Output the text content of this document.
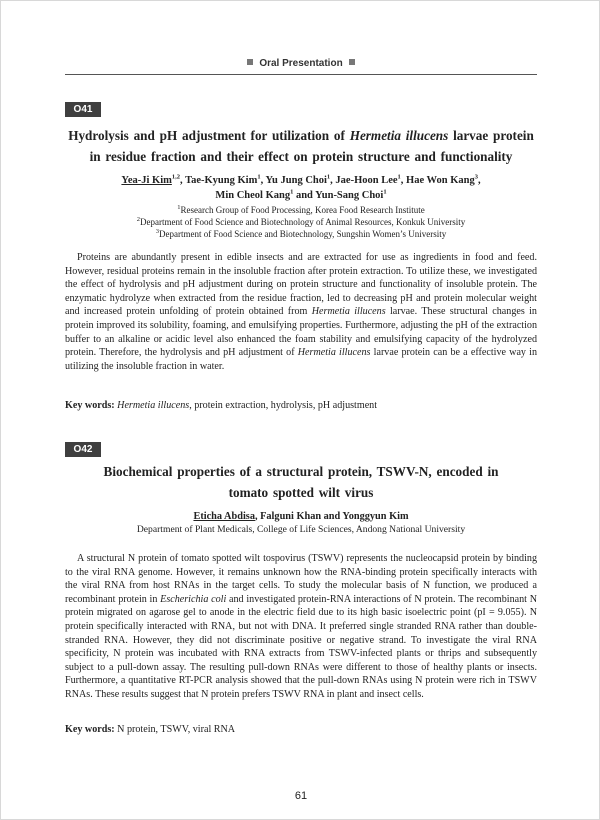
Oral Presentation
O41
Hydrolysis and pH adjustment for utilization of Hermetia illucens larvae protein in residue fraction and their effect on protein structure and functionality
Yea-Ji Kim$^{1,2}$, Tae-Kyung Kim$^1$, Yu Jung Choi$^1$, Jae-Hoon Lee$^1$, Hae Won Kang$^3$,
Min Cheol Kang$^1$ and Yun-Sang Choi$^1$
$^1$Research Group of Food Processing, Korea Food Research Institute
$^2$Department of Food Science and Biotechnology of Animal Resources, Konkuk University
$^3$Department of Food Science and Biotechnology, Sungshin Women’s University

Proteins are abundantly present in edible insects and are extracted for use as ingredients in food and feed. However, residual proteins remain in the insoluble fraction after protein extraction. To utilize these, we investigated the effect of hydrolysis and pH adjustment during on protein structure and functionality of insoluble protein. The enzymatic hydrolyze when extracted from the residue fraction, led to decreasing pH and protein molecular weight and increased protein unfolding of protein obtained from Hermetia illucens larvae. These structural changes in protein improved its solubility, foaming, and emulsifying properties. Furthermore, adjusting the pH of the extraction buffer to an alkaline or acidic level also enhanced the foam stability and emulsifying capacity of the hydrolyzed protein. Therefore, the hydrolysis and pH adjustment of Hermetia illucens larvae protein can be a effective way in utilizing the insoluble fraction in water.

Key words: Hermetia illucens, protein extraction, hydrolysis, pH adjustment
O42
Biochemical properties of a structural protein, TSWV-N, encoded in
tomato spotted wilt virus
Eticha Abdisa, Falguni Khan and Yonggyun Kim
Department of Plant Medicals, College of Life Sciences, Andong National University

A structural N protein of tomato spotted wilt tospovirus (TSWV) represents the nucleocapsid protein by binding to the viral RNA genome. However, it remains unknown how the RNA-binding protein specifically interacts with the viral RNA from host RNAs in the target cells. To study the molecular basis of N function, we produced a recombinant protein in Escherichia coli and investigated protein-RNA interactions of N protein. The recombinant N protein migrated on agarose gel to anode in the electric field due to its high basic isoelectric point (pI = 9.055). N protein specifically interacted with RNA, but not with DNA. It preferred single stranded RNA rather than double-stranded RNA. However, they did not discriminate positive or negative strand. To investigate the viral RNA specificity, N protein was incubated with RNA extracts from TSWV-infected plants or thrips and subsequently subject to a pull-down assay. The resulting pull-down RNAs were different to those of healthy plants or insects. Furthermore, a quantitative RT-PCR analysis showed that the pull-down RNAs using N protein were rich in TSWV RNAs. These results suggest that N protein prefers TSWV RNA in plant and insect cells.

Key words: N protein, TSWV, viral RNA
61
